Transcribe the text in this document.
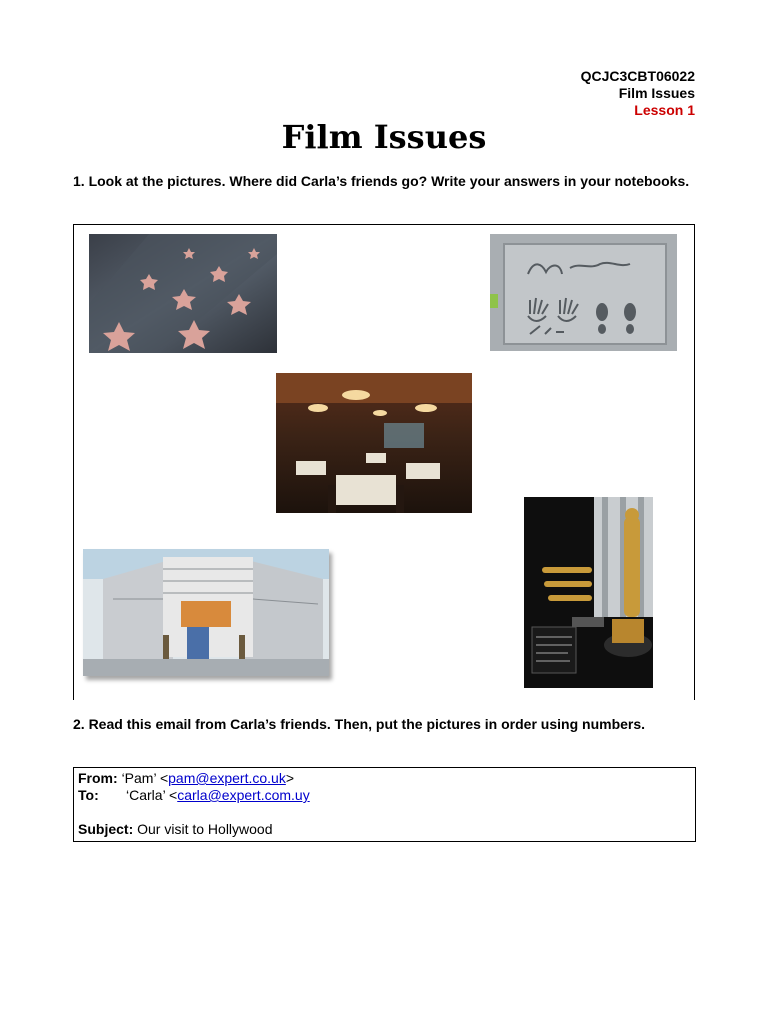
QCJC3CBT06022
Film Issues
Lesson 1
Film Issues
1. Look at the pictures. Where did Carla’s friends go? Write your answers in your notebooks.
2. Read this email from Carla’s friends. Then, put the pictures in order using numbers.
From: ‘Pam’ <pam@expert.co.uk>
To: ‘Carla’ <carla@expert.com.uy
Subject: Our visit to Hollywood
